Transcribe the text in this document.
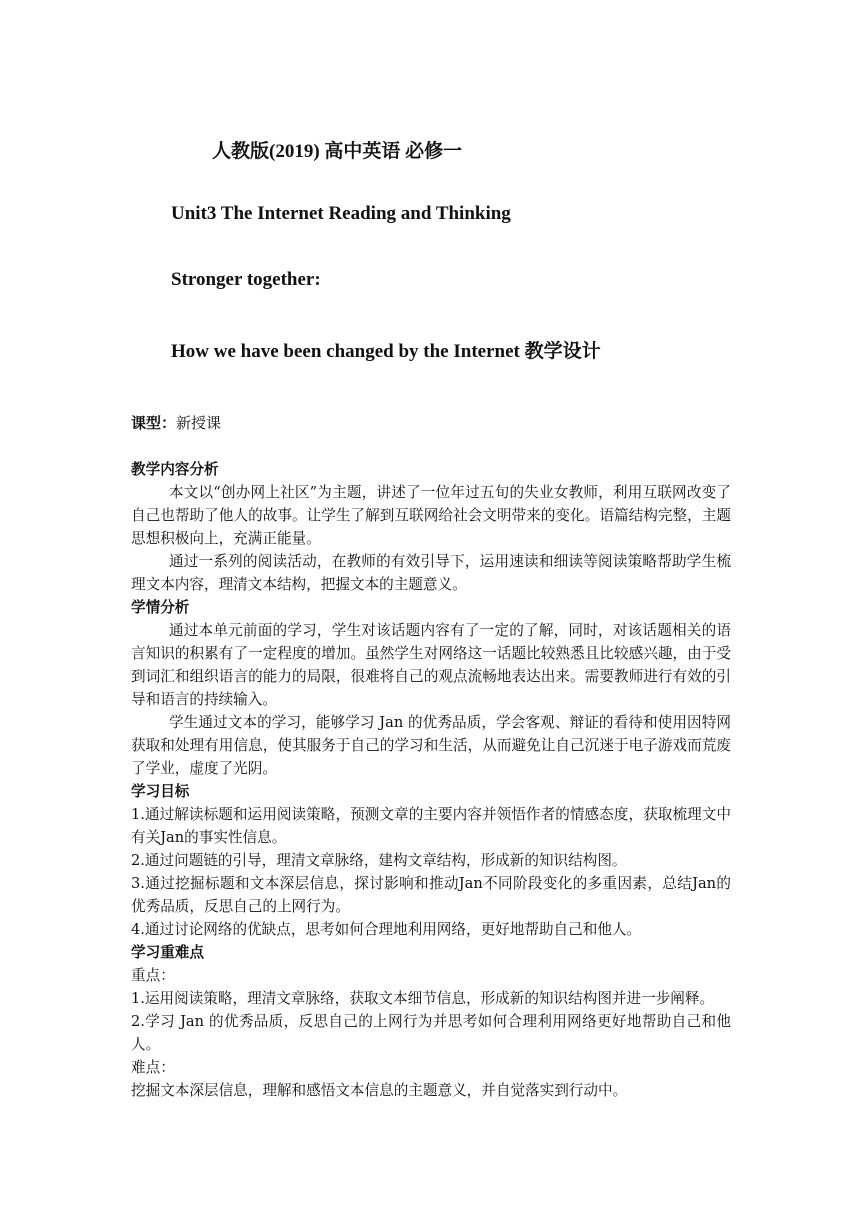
人教版(2019) 高中英语 必修一
Unit3 The Internet Reading and Thinking
Stronger together:
How we have been changed by the Internet 教学设计
课型：新授课
教学内容分析

本文以“创办网上社区”为主题，讲述了一位年过五旬的失业女教师，利用互联网改变了自己也帮助了他人的故事。让学生了解到互联网给社会文明带来的变化。语篇结构完整，主题思想积极向上，充满正能量。

通过一系列的阅读活动，在教师的有效引导下，运用速读和细读等阅读策略帮助学生梳理文本内容，理清文本结构，把握文本的主题意义。

学情分析

通过本单元前面的学习，学生对该话题内容有了一定的了解，同时，对该话题相关的语言知识的积累有了一定程度的增加。虽然学生对网络这一话题比较熟悉且比较感兴趣，由于受到词汇和组织语言的能力的局限，很难将自己的观点流畅地表达出来。需要教师进行有效的引导和语言的持续输入。

学生通过文本的学习，能够学习 Jan 的优秀品质，学会客观、辩证的看待和使用因特网获取和处理有用信息，使其服务于自己的学习和生活，从而避免让自己沉迷于电子游戏而荒废了学业，虚度了光阴。

学习目标

1.通过解读标题和运用阅读策略，预测文章的主要内容并领悟作者的情感态度，获取梳理文中有关Jan的事实性信息。

2.通过问题链的引导，理清文章脉络，建构文章结构，形成新的知识结构图。

3.通过挖掘标题和文本深层信息，探讨影响和推动Jan不同阶段变化的多重因素，总结Jan的优秀品质，反思自己的上网行为。

4.通过讨论网络的优缺点，思考如何合理地利用网络，更好地帮助自己和他人。

学习重难点

重点：

1.运用阅读策略，理清文章脉络，获取文本细节信息，形成新的知识结构图并进一步阐释。

2.学习 Jan 的优秀品质，反思自己的上网行为并思考如何合理利用网络更好地帮助自己和他人。

难点：

挖掘文本深层信息，理解和感悟文本信息的主题意义，并自觉落实到行动中。
